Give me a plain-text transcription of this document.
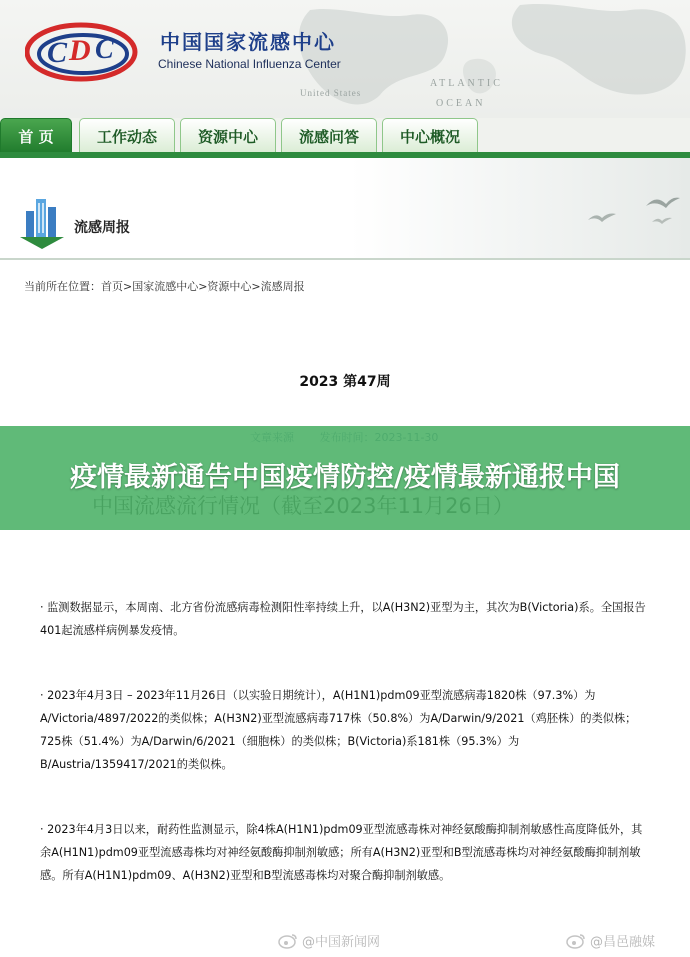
ATLANTIC
OCEAN
United States
C D C 中国国家流感中心
Chinese National Influenza Center
首 页	工作动态	资源中心	流感问答	中心概况
流感周报
当前所在位置：首页>国家流感中心>资源中心>流感周报
2023 第47周
· 监测数据显示，本周南、北方省份流感病毒检测阳性率持续上升，以A(H3N2)亚型为主，其次为B(Victoria)系。全国报告401起流感样病例暴发疫情。
· 2023年4月3日 – 2023年11月26日（以实验日期统计），A(H1N1)pdm09亚型流感病毒1820株（97.3%）为A/Victoria/4897/2022的类似株；A(H3N2)亚型流感病毒717株（50.8%）为A/Darwin/9/2021（鸡胚株）的类似株；725株（51.4%）为A/Darwin/6/2021（细胞株）的类似株；B(Victoria)系181株（95.3%）为B/Austria/1359417/2021的类似株。
· 2023年4月3日以来，耐药性监测显示，除4株A(H1N1)pdm09亚型流感毒株对神经氨酸酶抑制剂敏感性高度降低外，其余A(H1N1)pdm09亚型流感毒株均对神经氨酸酶抑制剂敏感；所有A(H3N2)亚型和B型流感毒株均对神经氨酸酶抑制剂敏感。所有A(H1N1)pdm09、A(H3N2)亚型和B型流感毒株均对聚合酶抑制剂敏感。
疫情最新通告中国疫情防控/疫情最新通报中国
@中国新闻网	@昌邑融媒
